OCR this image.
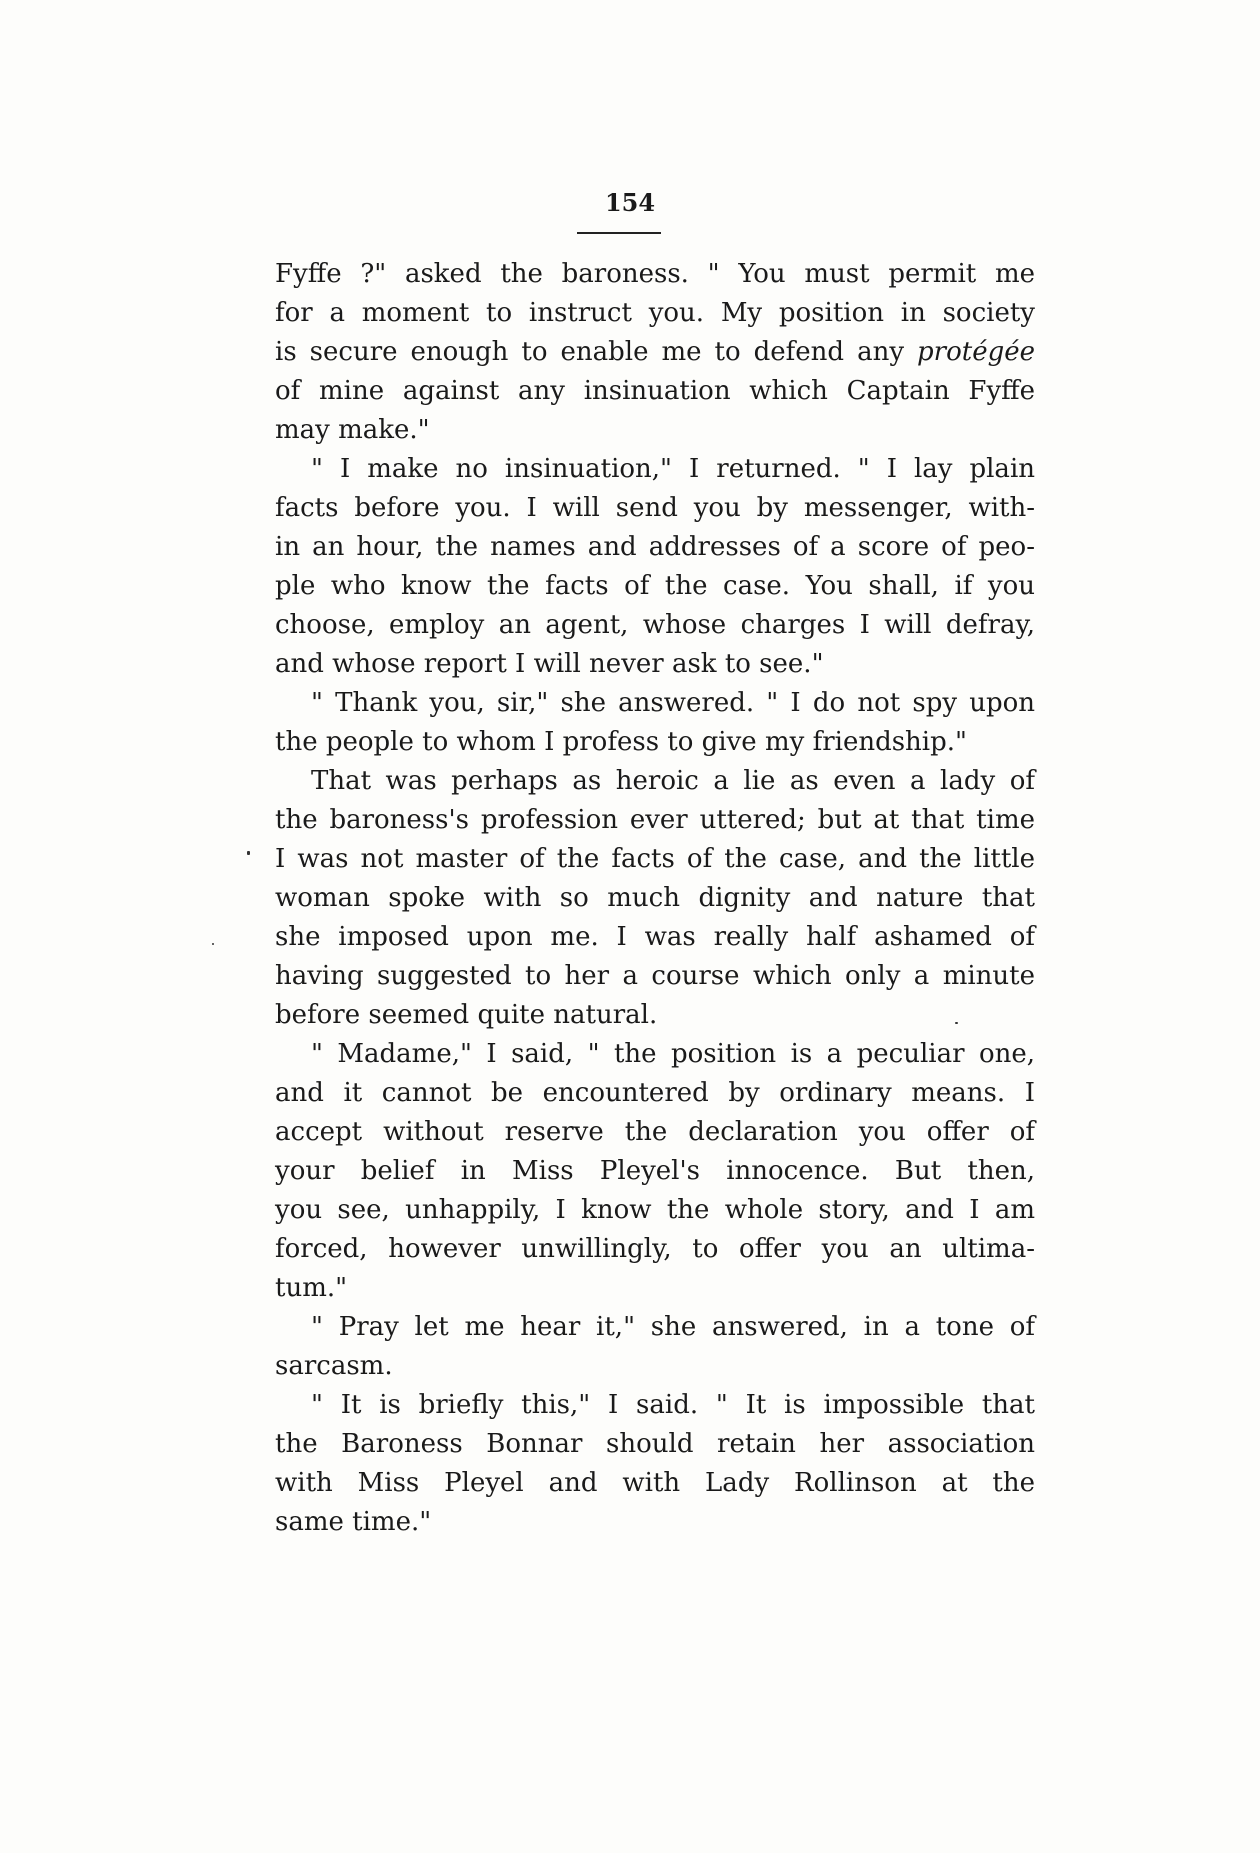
154
Fyffe ?" asked the baroness. " You must permit me
for a moment to instruct you. My position in society
is secure enough to enable me to defend any protégée
of mine against any insinuation which Captain Fyffe
may make."
" I make no insinuation," I returned. " I lay plain
facts before you. I will send you by messenger, with-
in an hour, the names and addresses of a score of peo-
ple who know the facts of the case. You shall, if you
choose, employ an agent, whose charges I will defray,
and whose report I will never ask to see."
" Thank you, sir," she answered. " I do not spy upon
the people to whom I profess to give my friendship."
That was perhaps as heroic a lie as even a lady of
the baroness's profession ever uttered; but at that time
I was not master of the facts of the case, and the little
woman spoke with so much dignity and nature that
she imposed upon me. I was really half ashamed of
having suggested to her a course which only a minute
before seemed quite natural.
" Madame," I said, " the position is a peculiar one,
and it cannot be encountered by ordinary means. I
accept without reserve the declaration you offer of
your belief in Miss Pleyel's innocence. But then,
you see, unhappily, I know the whole story, and I am
forced, however unwillingly, to offer you an ultima-
tum."
" Pray let me hear it," she answered, in a tone of
sarcasm.
" It is briefly this," I said. " It is impossible that
the Baroness Bonnar should retain her association
with Miss Pleyel and with Lady Rollinson at the
same time."
